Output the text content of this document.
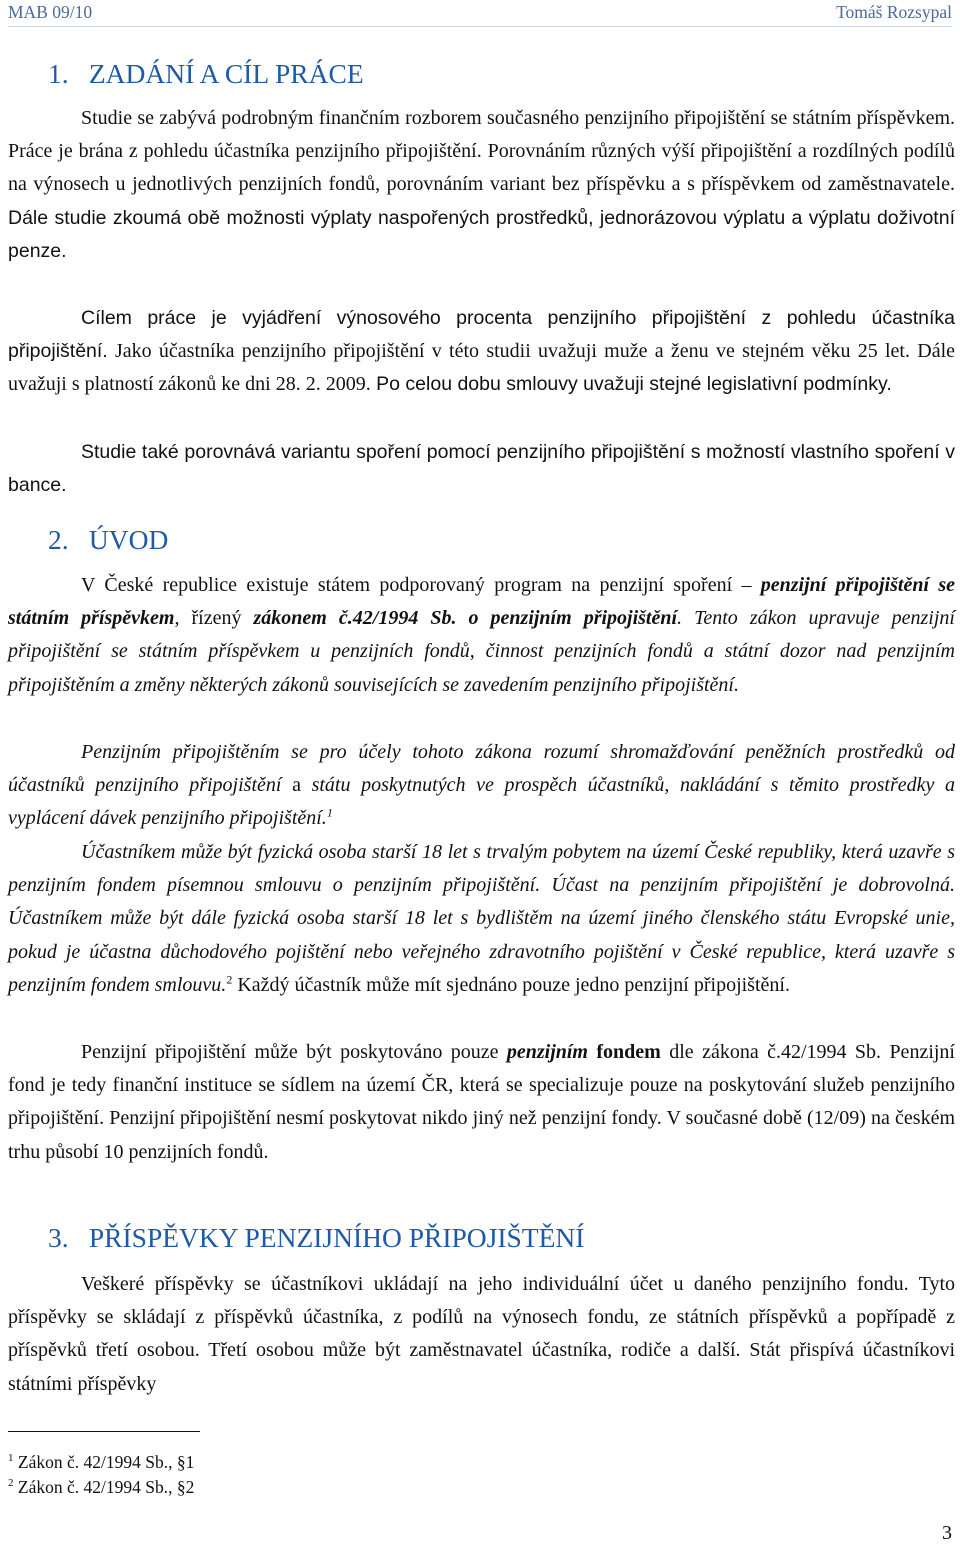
MAB 09/10	Tomáš Rozsypal
1. ZADÁNÍ A CÍL PRÁCE

Studie se zabývá podrobným finančním rozborem současného penzijního připojištění se státním příspěvkem. Práce je brána z pohledu účastníka penzijního připojištění. Porovnáním různých výší připojištění a rozdílných podílů na výnosech u jednotlivých penzijních fondů, porovnáním variant bez příspěvku a s příspěvkem od zaměstnavatele. Dále studie zkoumá obě možnosti výplaty naspořených prostředků, jednorázovou výplatu a výplatu doživotní penze.

Cílem práce je vyjádření výnosového procenta penzijního připojištění z pohledu účastníka připojištění. Jako účastníka penzijního připojištění v této studii uvažuji muže a ženu ve stejném věku 25 let. Dále uvažuji s platností zákonů ke dni 28. 2. 2009. Po celou dobu smlouvy uvažuji stejné legislativní podmínky.

Studie také porovnává variantu spoření pomocí penzijního připojištění s možností vlastního spoření v bance.

2. ÚVOD

V České republice existuje státem podporovaný program na penzijní spoření – penzijní připojištění se státním příspěvkem, řízený zákonem č.42/1994 Sb. o penzijním připojištění. Tento zákon upravuje penzijní připojištění se státním příspěvkem u penzijních fondů, činnost penzijních fondů a státní dozor nad penzijním připojištěním a změny některých zákonů souvisejících se zavedením penzijního připojištění.

Penzijním připojištěním se pro účely tohoto zákona rozumí shromažďování peněžních prostředků od účastníků penzijního připojištění a státu poskytnutých ve prospěch účastníků, nakládání s těmito prostředky a vyplácení dávek penzijního připojištění.$^1$

Účastníkem může být fyzická osoba starší 18 let s trvalým pobytem na území České republiky, která uzavře s penzijním fondem písemnou smlouvu o penzijním připojištění. Účast na penzijním připojištění je dobrovolná. Účastníkem může být dále fyzická osoba starší 18 let s bydlištěm na území jiného členského státu Evropské unie, pokud je účastna důchodového pojištění nebo veřejného zdravotního pojištění v České republice, která uzavře s penzijním fondem smlouvu.$^2$ Každý účastník může mít sjednáno pouze jedno penzijní připojištění.

Penzijní připojištění může být poskytováno pouze penzijním fondem dle zákona č.42/1994 Sb. Penzijní fond je tedy finanční instituce se sídlem na území ČR, která se specializuje pouze na poskytování služeb penzijního připojištění. Penzijní připojištění nesmí poskytovat nikdo jiný než penzijní fondy. V současné době (12/09) na českém trhu působí 10 penzijních fondů.

3. PŘÍSPĚVKY PENZIJNÍHO PŘIPOJIŠTĚNÍ

Veškeré příspěvky se účastníkovi ukládají na jeho individuální účet u daného penzijního fondu. Tyto příspěvky se skládají z příspěvků účastníka, z podílů na výnosech fondu, ze státních příspěvků a popřípadě z příspěvků třetí osobou. Třetí osobou může být zaměstnavatel účastníka, rodiče a další. Stát přispívá účastníkovi státními příspěvky

$^1$ Zákon č. 42/1994 Sb., §1
$^2$ Zákon č. 42/1994 Sb., §2
3
